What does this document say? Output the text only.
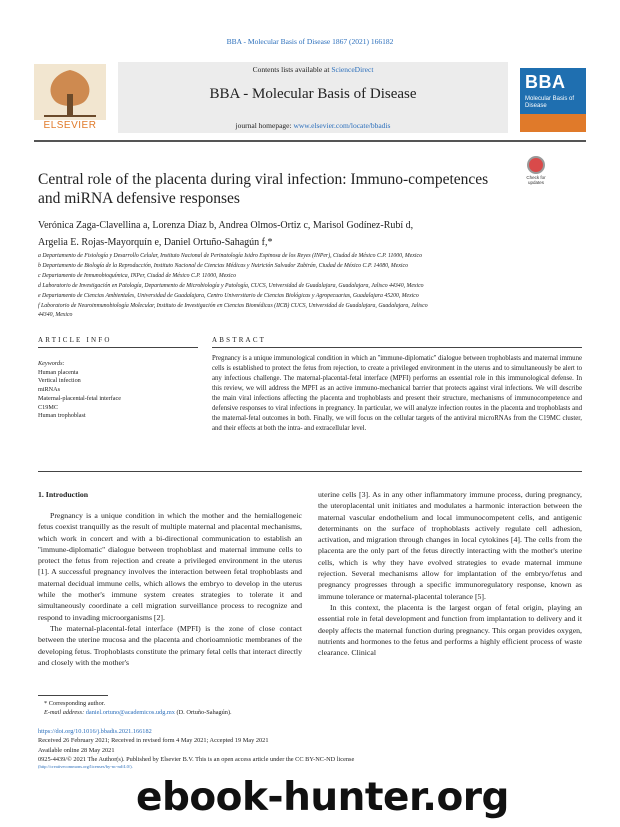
BBA - Molecular Basis of Disease 1867 (2021) 166182
ELSEVIER
Contents lists available at ScienceDirect
BBA - Molecular Basis of Disease
journal homepage: www.elsevier.com/locate/bbadis
BBA
Molecular Basis of Disease
Central role of the placenta during viral infection: Immuno-competences and miRNA defensive responses
Check for updates
Verónica Zaga-Clavellina a, Lorenza Diaz b, Andrea Olmos-Ortiz c, Marisol Godínez-Rubí d,
Argelia E. Rojas-Mayorquín e, Daniel Ortuño-Sahagún f,*
a Departamento de Fisiología y Desarrollo Celular, Instituto Nacional de Perinatología Isidro Espinosa de los Reyes (INPer), Ciudad de México C.P. 11000, Mexico
b Departamento de Biología de la Reproducción, Instituto Nacional de Ciencias Médicas y Nutrición Salvador Zubirán, Ciudad de México C.P. 14080, Mexico
c Departamento de Inmunobioquímica, INPer, Ciudad de México C.P. 11000, Mexico
d Laboratorio de Investigación en Patología, Departamento de Microbiología y Patología, CUCS, Universidad de Guadalajara, Guadalajara, Jalisco 44340, Mexico
e Departamento de Ciencias Ambientales, Universidad de Guadalajara, Centro Universitario de Ciencias Biológicas y Agropecuarias, Guadalajara 45200, Mexico
f Laboratorio de Neuroinmunobiología Molecular, Instituto de Investigación en Ciencias Biomédicas (IICB) CUCS, Universidad de Guadalajara, Guadalajara, Jalisco
44340, Mexico
ARTICLE INFO	ABSTRACT
Keywords:
Human placenta
Vertical infection
miRNAs
Maternal-placental-fetal interface
C19MC
Human trophoblast
Pregnancy is a unique immunological condition in which an ''immune-diplomatic'' dialogue between trophoblasts and maternal immune cells is established to protect the fetus from rejection, to create a privileged environment in the uterus and to simultaneously be alert to any infectious challenge. The maternal-placental-fetal interface (MPFI) performs an essential role in this immunological defense. In this review, we will address the MPFI as an active immuno-mechanical barrier that protects against viral infections. We will describe the main viral infections affecting the placenta and trophoblasts and present their structure, mechanisms of immunocompetence and defensive responses to viral infections in pregnancy. In particular, we will analyze infection routes in the placenta and trophoblasts and the maternal-fetal outcomes in both. Finally, we will focus on the cellular targets of the antiviral microRNAs from the C19MC cluster, and their effects at both the intra- and extracellular level.
1. Introduction
Pregnancy is a unique condition in which the mother and the hemiallogeneic fetus coexist tranquilly as the result of multiple maternal and placental mechanisms, which work in concert and with a bi-directional communication to establish an ''immune-diplomatic'' dialogue between trophoblast and maternal immune cells to protect the fetus from rejection and create a privileged environment in the uterus [1]. A successful pregnancy involves the interaction between fetal trophoblasts and maternal decidual immune cells, which allows the embryo to develop in the uterus while the mother's immune system creates strategies to tolerate it and simultaneously coordinate a cell migration surveillance process to recognize and respond to invading microorganisms [2].
The maternal-placental-fetal interface (MPFI) is the zone of close contact between the uterine mucosa and the placenta and chorioamniotic membranes of the developing fetus. Trophoblasts constitute the primary fetal cells that interact directly and closely with the mother's
uterine cells [3]. As in any other inflammatory immune process, during pregnancy, the uteroplacental unit initiates and modulates a harmonic interaction between the maternal vascular endothelium and local immunocompetent cells, and antigenic determinants on the surface of trophoblasts actively regulate cell adhesion, activation, and migration through changes in local cytokines [4]. The cells from the placenta are the only part of the fetus directly interacting with the mother's uterine cells, which is why they have evolved strategies to evade maternal immune rejection. Several mechanisms allow for implantation of the embryo/fetus and pregnancy progresses through a specific immunoregulatory response, known as immune tolerance or maternal-placental tolerance [5].
In this context, the placenta is the largest organ of fetal origin, playing an essential role in fetal development and function from implantation to delivery and it deeply affects the maternal function during pregnancy. This organ provides oxygen, nutrients and hormones to the fetus and performs a highly efficient process of waste clearance. Clinical
* Corresponding author.
E-mail address: daniel.ortuno@academicos.udg.mx (D. Ortuño-Sahagún).
https://doi.org/10.1016/j.bbadis.2021.166182
Received 26 February 2021; Received in revised form 4 May 2021; Accepted 19 May 2021
Available online 28 May 2021
0925-4439/© 2021 The Author(s). Published by Elsevier B.V. This is an open access article under the CC BY-NC-ND license
(http://creativecommons.org/licenses/by-nc-nd/4.0/).
ebook-hunter.org
